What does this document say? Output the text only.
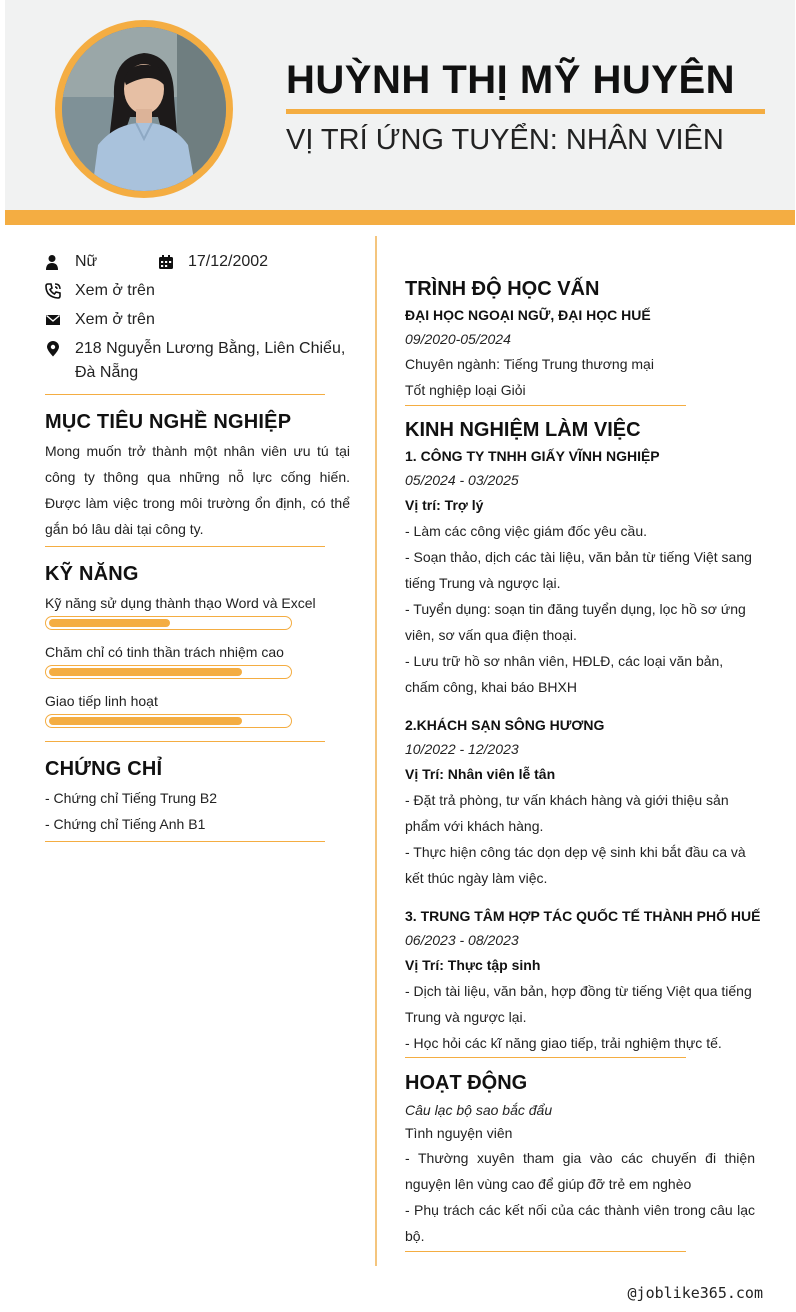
HUỲNH THỊ MỸ HUYÊN
VỊ TRÍ ỨNG TUYỂN: NHÂN VIÊN
Nữ	17/12/2002
Xem ở trên
Xem ở trên
218 Nguyễn Lương Bằng, Liên Chiểu, Đà Nẵng
MỤC TIÊU NGHỀ NGHIỆP
Mong muốn trở thành một nhân viên ưu tú tại công ty thông qua những nỗ lực cống hiến. Được làm việc trong môi trường ổn định, có thể gắn bó lâu dài tại công ty.
KỸ NĂNG
Kỹ năng sử dụng thành thạo Word và Excel
Chăm chỉ có tinh thần trách nhiệm cao
Giao tiếp linh hoạt
CHỨNG CHỈ
- Chứng chỉ Tiếng Trung B2
- Chứng chỉ Tiếng Anh B1
TRÌNH ĐỘ HỌC VẤN
ĐẠI HỌC NGOẠI NGỮ, ĐẠI HỌC HUẾ
09/2020-05/2024
Chuyên ngành: Tiếng Trung thương mại
Tốt nghiệp loại Giỏi
KINH NGHIỆM LÀM VIỆC
1. CÔNG TY TNHH GIẤY VĨNH NGHIỆP
05/2024 - 03/2025
Vị trí: Trợ lý
- Làm các công việc giám đốc yêu cầu.
- Soạn thảo, dịch các tài liệu, văn bản từ tiếng Việt sang tiếng Trung và ngược lại.
- Tuyển dụng: soạn tin đăng tuyển dụng, lọc hồ sơ ứng viên, sơ vấn qua điện thoại.
- Lưu trữ hồ sơ nhân viên, HĐLĐ, các loại văn bản, chấm công, khai báo BHXH
2.KHÁCH SẠN SÔNG HƯƠNG
10/2022 - 12/2023
Vị Trí: Nhân viên lễ tân
- Đặt trả phòng, tư vấn khách hàng và giới thiệu sản phẩm với khách hàng.
- Thực hiện công tác dọn dẹp vệ sinh khi bắt đầu ca và kết thúc ngày làm việc.
3. TRUNG TÂM HỢP TÁC QUỐC TẾ THÀNH PHỐ HUẾ
06/2023 - 08/2023
Vị Trí: Thực tập sinh
- Dịch tài liệu, văn bản, hợp đồng từ tiếng Việt qua tiếng Trung và ngược lại.
- Học hỏi các kĩ năng giao tiếp, trải nghiệm thực tế.
HOẠT ĐỘNG
Câu lạc bộ sao bắc đẩu
Tình nguyện viên
- Thường xuyên tham gia vào các chuyến đi thiện nguyện lên vùng cao để giúp đỡ trẻ em nghèo
- Phụ trách các kết nối của các thành viên trong câu lạc bộ.
@joblike365.com
